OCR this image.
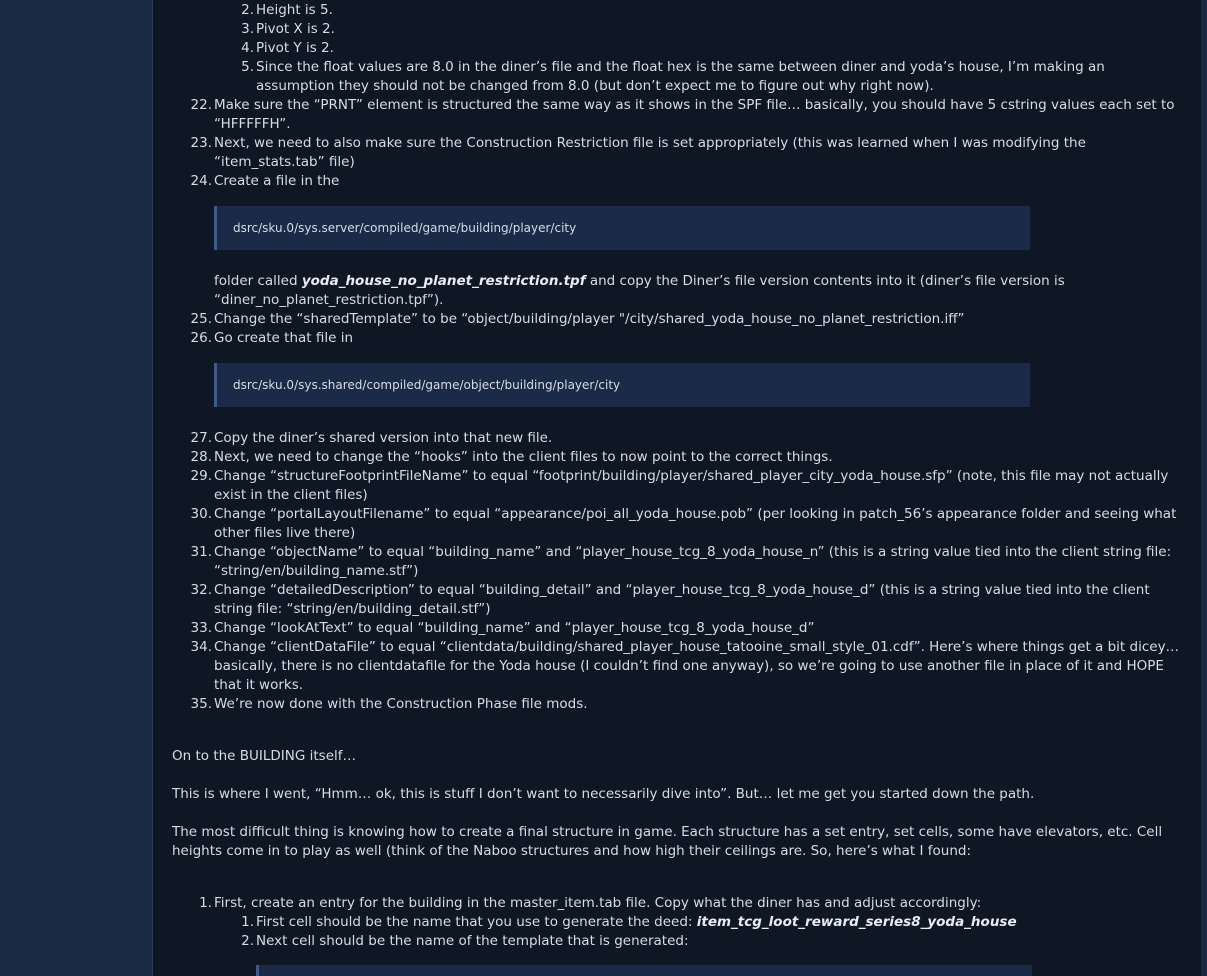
2. Height is 5.
3. Pivot X is 2.
4. Pivot Y is 2.
5. Since the float values are 8.0 in the diner’s file and the float hex is the same between diner and yoda’s house, I’m making an assumption they should not be changed from 8.0 (but don’t expect me to figure out why right now).
22. Make sure the “PRNT” element is structured the same way as it shows in the SPF file… basically, you should have 5 cstring values each set to “HFFFFFH”.
23. Next, we need to also make sure the Construction Restriction file is set appropriately (this was learned when I was modifying the “item_stats.tab” file)
24. Create a file in the
dsrc/sku.0/sys.server/compiled/game/building/player/city
folder called yoda_house_no_planet_restriction.tpf and copy the Diner’s file version contents into it (diner’s file version is “diner_no_planet_restriction.tpf”).
25. Change the “sharedTemplate” to be “object/building/player "/city/shared_yoda_house_no_planet_restriction.iff”
26. Go create that file in
dsrc/sku.0/sys.shared/compiled/game/object/building/player/city
27. Copy the diner’s shared version into that new file.
28. Next, we need to change the “hooks” into the client files to now point to the correct things.
29. Change “structureFootprintFileName” to equal “footprint/building/player/shared_player_city_yoda_house.sfp” (note, this file may not actually exist in the client files)
30. Change “portalLayoutFilename” to equal “appearance/poi_all_yoda_house.pob” (per looking in patch_56’s appearance folder and seeing what other files live there)
31. Change “objectName” to equal “building_name” and “player_house_tcg_8_yoda_house_n” (this is a string value tied into the client string file: “string/en/building_name.stf”)
32. Change “detailedDescription” to equal “building_detail” and “player_house_tcg_8_yoda_house_d” (this is a string value tied into the client string file: “string/en/building_detail.stf”)
33. Change “lookAtText” to equal “building_name” and “player_house_tcg_8_yoda_house_d”
34. Change “clientDataFile” to equal “clientdata/building/shared_player_house_tatooine_small_style_01.cdf”. Here’s where things get a bit dicey… basically, there is no clientdatafile for the Yoda house (I couldn’t find one anyway), so we’re going to use another file in place of it and HOPE that it works.
35. We’re now done with the Construction Phase file mods.
On to the BUILDING itself…
This is where I went, “Hmm… ok, this is stuff I don’t want to necessarily dive into”. But… let me get you started down the path.
The most difficult thing is knowing how to create a final structure in game. Each structure has a set entry, set cells, some have elevators, etc. Cell heights come in to play as well (think of the Naboo structures and how high their ceilings are. So, here’s what I found:
1. First, create an entry for the building in the master_item.tab file. Copy what the diner has and adjust accordingly:
1. First cell should be the name that you use to generate the deed: item_tcg_loot_reward_series8_yoda_house
2. Next cell should be the name of the template that is generated:
